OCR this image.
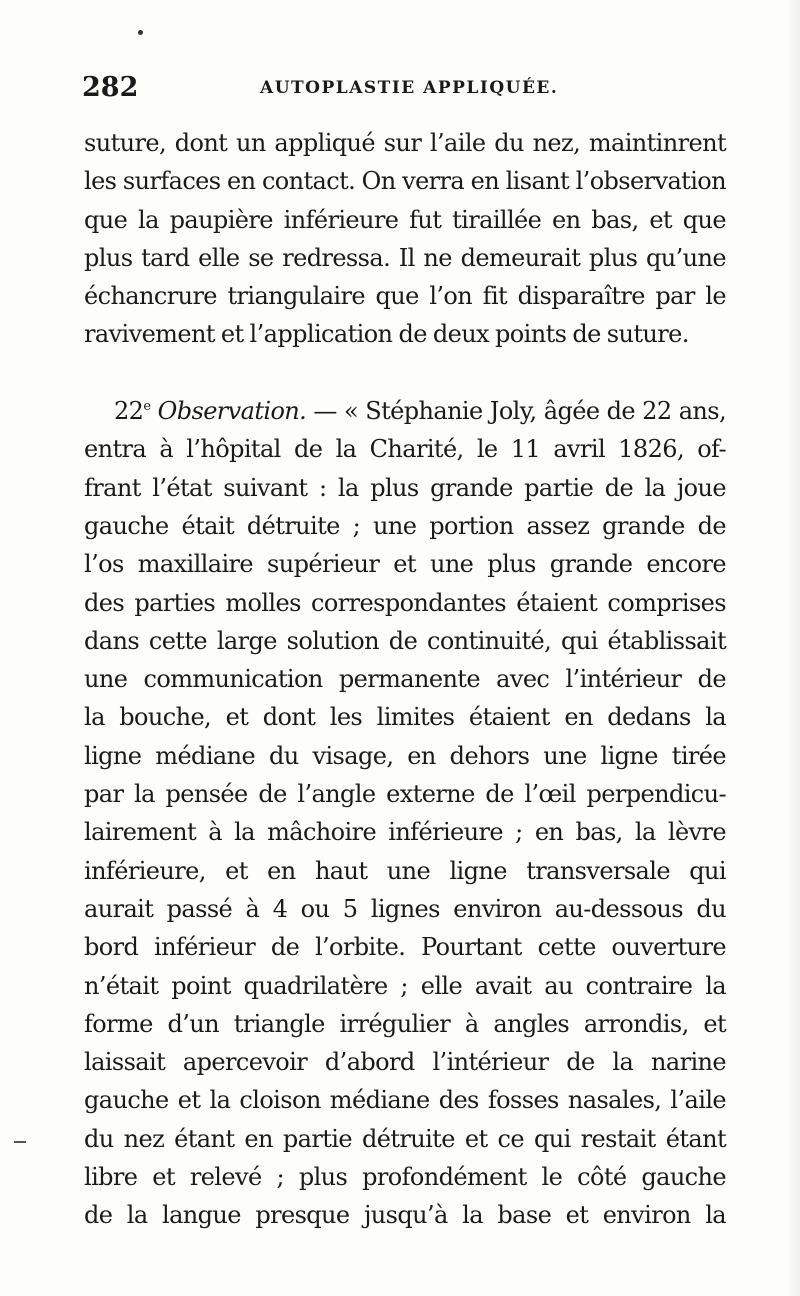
282	AUTOPLASTIE APPLIQUÉE.
suture, dont un appliqué sur l’aile du nez, maintinrent
les surfaces en contact. On verra en lisant l’observation
que la paupière inférieure fut tiraillée en bas, et que
plus tard elle se redressa. Il ne demeurait plus qu’une
échancrure triangulaire que l’on fit disparaître par le
ravivement et l’application de deux points de suture.
22e Observation. — « Stéphanie Joly, âgée de 22 ans,
entra à l’hôpital de la Charité, le 11 avril 1826, of-
frant l’état suivant : la plus grande partie de la joue
gauche était détruite ; une portion assez grande de
l’os maxillaire supérieur et une plus grande encore
des parties molles correspondantes étaient comprises
dans cette large solution de continuité, qui établissait
une communication permanente avec l’intérieur de
la bouche, et dont les limites étaient en dedans la
ligne médiane du visage, en dehors une ligne tirée
par la pensée de l’angle externe de l’œil perpendicu-
lairement à la mâchoire inférieure ; en bas, la lèvre
inférieure, et en haut une ligne transversale qui
aurait passé à 4 ou 5 lignes environ au-dessous du
bord inférieur de l’orbite. Pourtant cette ouverture
n’était point quadrilatère ; elle avait au contraire la
forme d’un triangle irrégulier à angles arrondis, et
laissait apercevoir d’abord l’intérieur de la narine
gauche et la cloison médiane des fosses nasales, l’aile
du nez étant en partie détruite et ce qui restait étant
libre et relevé ; plus profondément le côté gauche
de la langue presque jusqu’à la base et environ la
